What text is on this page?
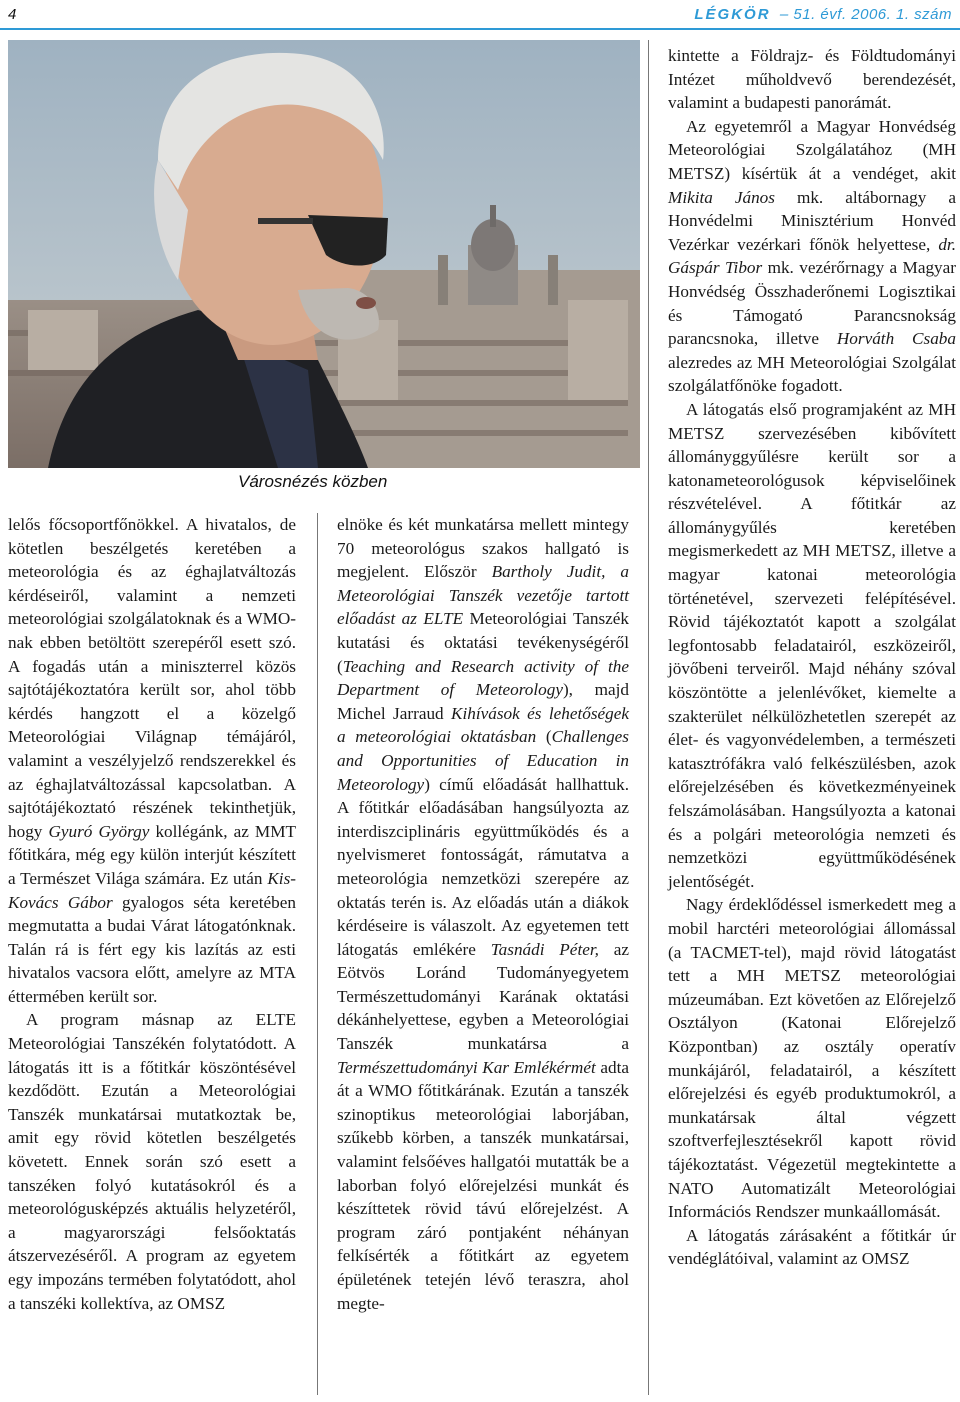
4	LÉGKÖR – 51. évf. 2006. 1. szám
Városnézés közben

lelős főcsoportfőnökkel. A hivatalos, de kötetlen beszélgetés keretében a meteorológia és az éghajlatváltozás kérdéseiről, valamint a nemzeti meteorológiai szolgálatoknak és a WMO-nak ebben betöltött szerepéről esett szó. A fogadás után a miniszterrel közös sajtótájékoztatóra került sor, ahol több kérdés hangzott el a közelgő Meteorológiai Világnap témájáról, valamint a veszélyjelző rendszerekkel és az éghajlatváltozással kapcsolatban. A sajtótájékoztató részének tekinthetjük, hogy Gyuró György kollégánk, az MMT főtitkára, még egy külön interjút készített a Természet Világa számára. Ez után Kis-Kovács Gábor gyalogos séta keretében megmutatta a budai Várat látogatónknak. Talán rá is fért egy kis lazítás az esti hivatalos vacsora előtt, amelyre az MTA éttermében került sor.

A program másnap az ELTE Meteorológiai Tanszékén folytatódott. A látogatás itt is a főtitkár köszöntésével kezdődött. Ezután a Meteorológiai Tanszék munkatársai mutatkoztak be, amit egy rövid kötetlen beszélgetés követett. Ennek során szó esett a tanszéken folyó kutatásokról és a meteorológusképzés aktuális helyzetéről, a magyarországi felsőoktatás átszervezéséről. A program az egyetem egy impozáns termében folytatódott, ahol a tanszéki kollektíva, az OMSZ

elnöke és két munkatársa mellett mintegy 70 meteorológus szakos hallgató is megjelent. Először Bartholy Judit, a Meteorológiai Tanszék vezetője tartott előadást az ELTE Meteorológiai Tanszék kutatási és oktatási tevékenységéről (Teaching and Research activity of the Department of Meteorology), majd Michel Jarraud Kihívások és lehetőségek a meteorológiai oktatásban (Challenges and Opportunities of Education in Meteorology) című előadását hallhattuk. A főtitkár előadásában hangsúlyozta az interdiszciplináris együttműködés és a nyelvismeret fontosságát, rámutatva a meteorológia nemzetközi szerepére az oktatás terén is. Az előadás után a diákok kérdéseire is válaszolt. Az egyetemen tett látogatás emlékére Tasnádi Péter, az Eötvös Loránd Tudományegyetem Természettudományi Karának oktatási dékánhelyettese, egyben a Meteorológiai Tanszék munkatársa a Természettudományi Kar Emlékérmét adta át a WMO főtitkárának. Ezután a tanszék szinoptikus meteorológiai laborjában, szűkebb körben, a tanszék munkatársai, valamint felsőéves hallgatói mutatták be a laborban folyó előrejelzési munkát és készíttetek rövid távú előrejelzést. A program záró pontjaként néhányan felkísérték a főtitkárt az egyetem épületének tetején lévő teraszra, ahol megte-

kintette a Földrajz- és Földtudományi Intézet műholdvevő berendezését, valamint a budapesti panorámát.

Az egyetemről a Magyar Honvédség Meteorológiai Szolgálatához (MH METSZ) kísértük át a vendéget, akit Mikita János mk. altábornagy a Honvédelmi Minisztérium Honvéd Vezérkar vezérkari főnök helyettese, dr. Gáspár Tibor mk. vezérőrnagy a Magyar Honvédség Összhaderőnemi Logisztikai és Támogató Parancsnokság parancsnoka, illetve Horváth Csaba alezredes az MH Meteorológiai Szolgálat szolgálatfőnöke fogadott.

A látogatás első programjaként az MH METSZ szervezésében kibővített állományggyűlésre került sor a katonameteorológusok képviselőinek részvételével. A főtitkár az állománygyűlés keretében megismerkedett az MH METSZ, illetve a magyar katonai meteorológia történetével, szervezeti felépítésével. Rövid tájékoztatót kapott a szolgálat legfontosabb feladatairól, eszközeiről, jövőbeni terveiről. Majd néhány szóval köszöntötte a jelenlévőket, kiemelte a szakterület nélkülözhetetlen szerepét az élet- és vagyonvédelemben, a természeti katasztrófákra való felkészülésben, azok előrejelzésében és következményeinek felszámolásában. Hangsúlyozta a katonai és a polgári meteorológia nemzeti és nemzetközi együttműködésének jelentőségét.

Nagy érdeklődéssel ismerkedett meg a mobil harctéri meteorológiai állomással (a TACMET-tel), majd rövid látogatást tett a MH METSZ meteorológiai múzeumában. Ezt követően az Előrejelző Osztályon (Katonai Előrejelző Központban) az osztály operatív munkájáról, feladatairól, a készített előrejelzési és egyéb produktumokról, a munkatársak által végzett szoftverfejlesztésekről kapott rövid tájékoztatást. Végezetül megtekintette a NATO Automatizált Meteorológiai Információs Rendszer munkaállomását.

A látogatás zárásaként a főtitkár úr vendéglátóival, valamint az OMSZ
